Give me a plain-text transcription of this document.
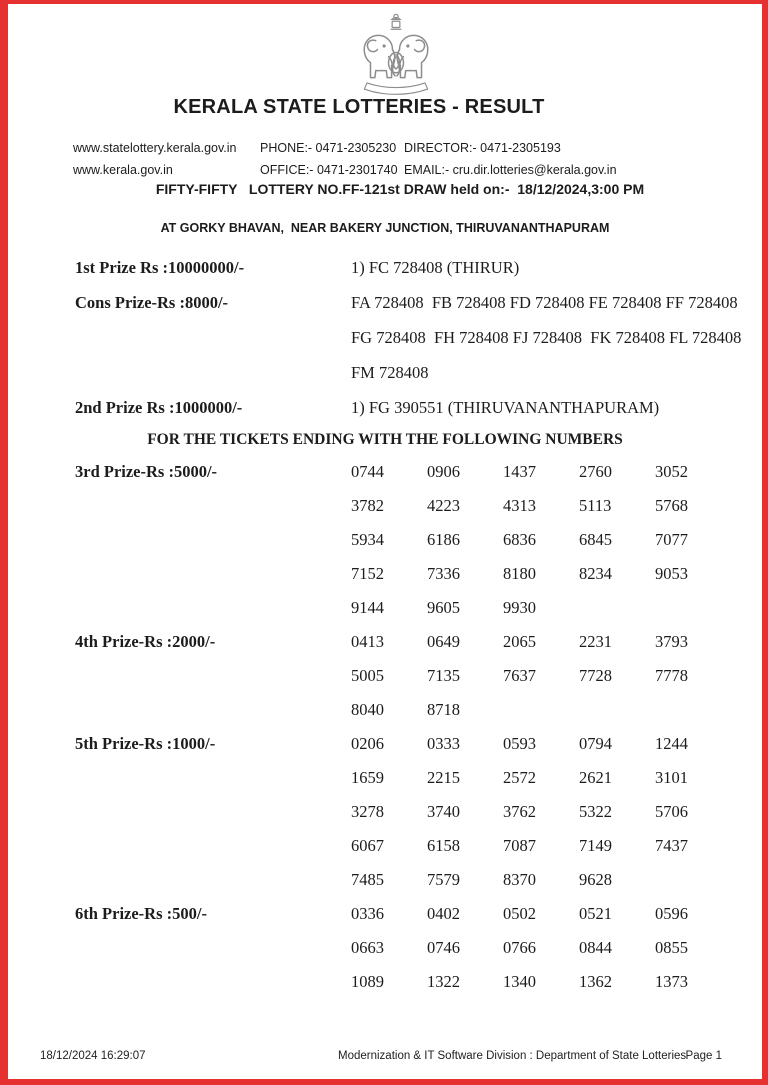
KERALA STATE LOTTERIES - RESULT
www.statelottery.kerala.gov.in	PHONE:- 0471-2305230 DIRECTOR:- 0471-2305193
www.kerala.gov.in	OFFICE:- 0471-2301740 EMAIL:- cru.dir.lotteries@kerala.gov.in
FIFTY-FIFTY   LOTTERY NO.FF-121st DRAW held on:-  18/12/2024,3:00 PM
AT GORKY BHAVAN,  NEAR BAKERY JUNCTION, THIRUVANANTHAPURAM
1st Prize Rs :10000000/-	1) FC 728408 (THIRUR)
Cons Prize-Rs :8000/-	FA 728408  FB 728408 FD 728408 FE 728408 FF 728408
FG 728408  FH 728408 FJ 728408  FK 728408 FL 728408
FM 728408
2nd Prize Rs :1000000/-	1) FG 390551 (THIRUVANANTHAPURAM)
FOR THE TICKETS ENDING WITH THE FOLLOWING NUMBERS
3rd Prize-Rs :5000/-	0744	0906	1437	2760	3052
3782	4223	4313	5113	5768
5934	6186	6836	6845	7077
7152	7336	8180	8234	9053
9144	9605	9930
4th Prize-Rs :2000/-	0413	0649	2065	2231	3793
5005	7135	7637	7728	7778
8040	8718
5th Prize-Rs :1000/-	0206	0333	0593	0794	1244
1659	2215	2572	2621	3101
3278	3740	3762	5322	5706
6067	6158	7087	7149	7437
7485	7579	8370	9628
6th Prize-Rs :500/-	0336	0402	0502	0521	0596
0663	0746	0766	0844	0855
1089	1322	1340	1362	1373
18/12/2024 16:29:07	Modernization & IT Software Division : Department of State Lotteries Page 1
